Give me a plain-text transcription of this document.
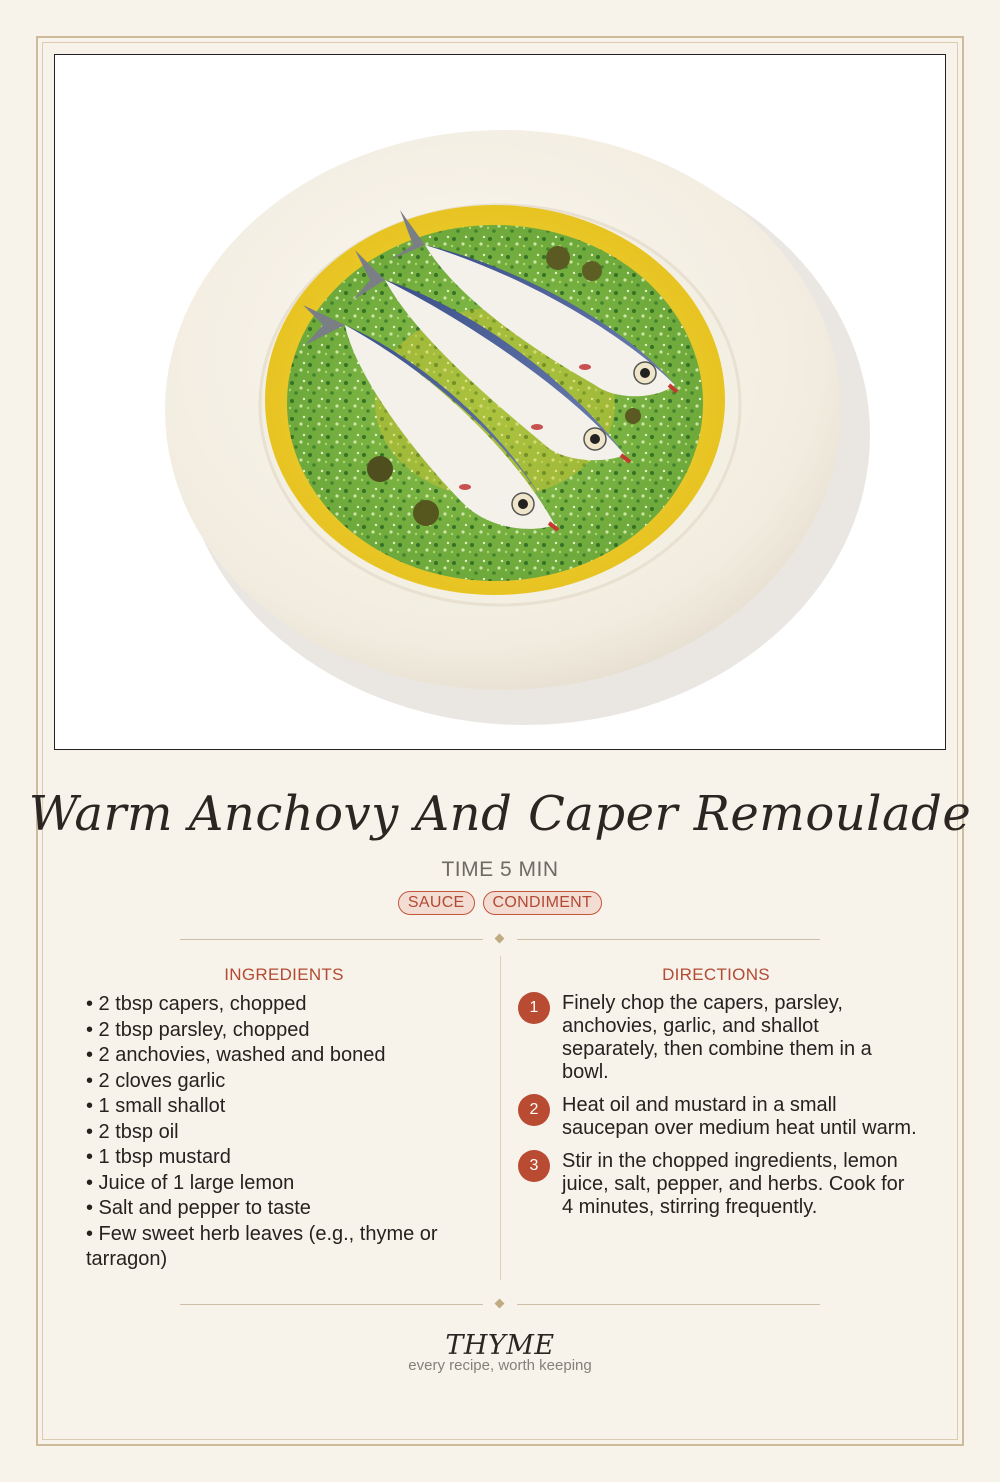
Warm Anchovy And Caper Remoulade
TIME 5 MIN
SAUCE CONDIMENT
INGREDIENTS	DIRECTIONS
• 2 tbsp capers, chopped
• 2 tbsp parsley, chopped
• 2 anchovies, washed and boned
• 2 cloves garlic
• 1 small shallot
• 2 tbsp oil
• 1 tbsp mustard
• Juice of 1 large lemon
• Salt and pepper to taste
• Few sweet herb leaves (e.g., thyme or tarragon)
1	Finely chop the capers, parsley, anchovies, garlic, and shallot separately, then combine them in a bowl.
2	Heat oil and mustard in a small saucepan over medium heat until warm.
3	Stir in the chopped ingredients, lemon juice, salt, pepper, and herbs. Cook for 4 minutes, stirring frequently.
THYME
every recipe, worth keeping
